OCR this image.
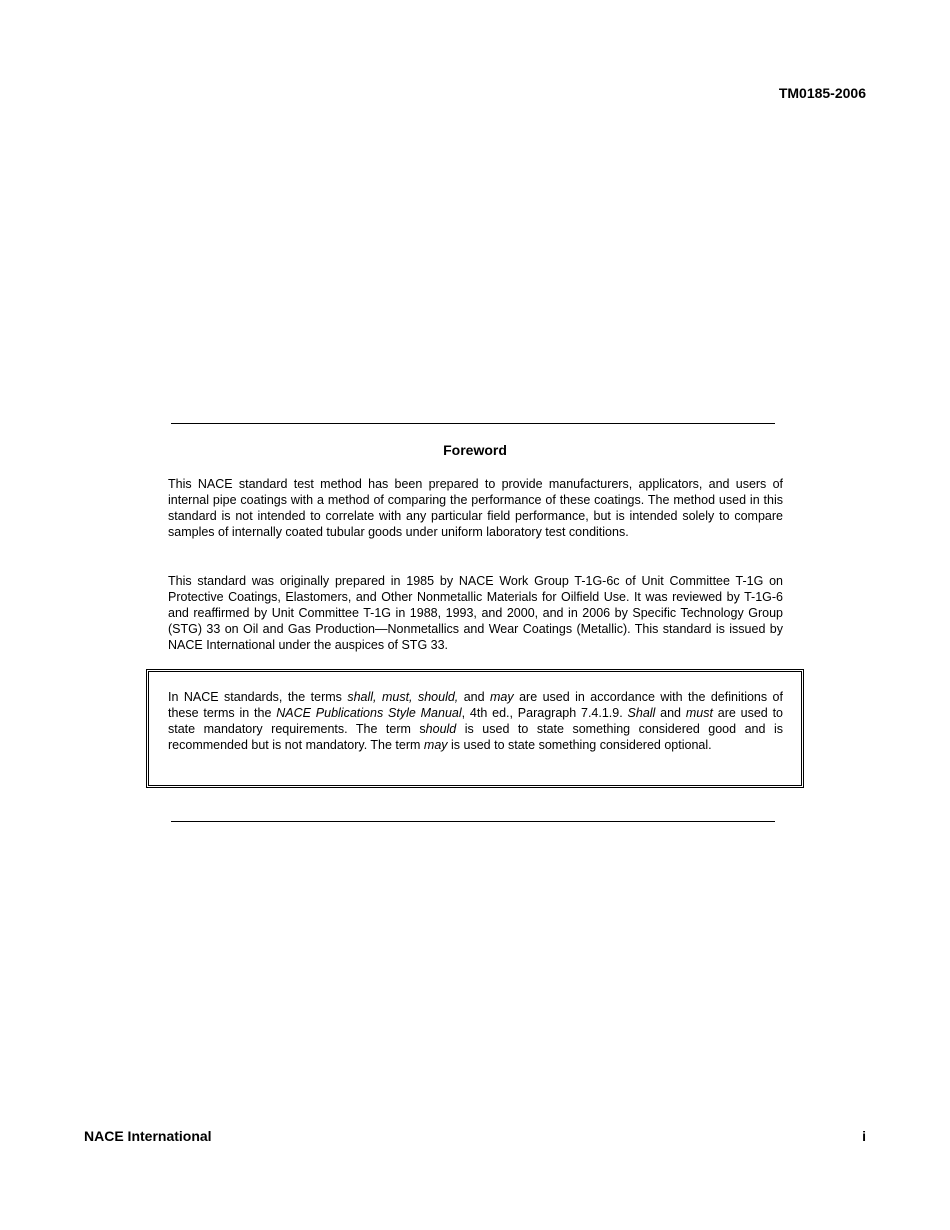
TM0185-2006
Foreword
This NACE standard test method has been prepared to provide manufacturers, applicators, and users of internal pipe coatings with a method of comparing the performance of these coatings. The method used in this standard is not intended to correlate with any particular field performance, but is intended solely to compare samples of internally coated tubular goods under uniform laboratory test conditions.
This standard was originally prepared in 1985 by NACE Work Group T-1G-6c of Unit Committee T-1G on Protective Coatings, Elastomers, and Other Nonmetallic Materials for Oilfield Use. It was reviewed by T-1G-6 and reaffirmed by Unit Committee T-1G in 1988, 1993, and 2000, and in 2006 by Specific Technology Group (STG) 33 on Oil and Gas Production—Nonmetallics and Wear Coatings (Metallic). This standard is issued by NACE International under the auspices of STG 33.
In NACE standards, the terms shall, must, should, and may are used in accordance with the definitions of these terms in the NACE Publications Style Manual, 4th ed., Paragraph 7.4.1.9. Shall and must are used to state mandatory requirements. The term should is used to state something considered good and is recommended but is not mandatory. The term may is used to state something considered optional.
NACE International	i
